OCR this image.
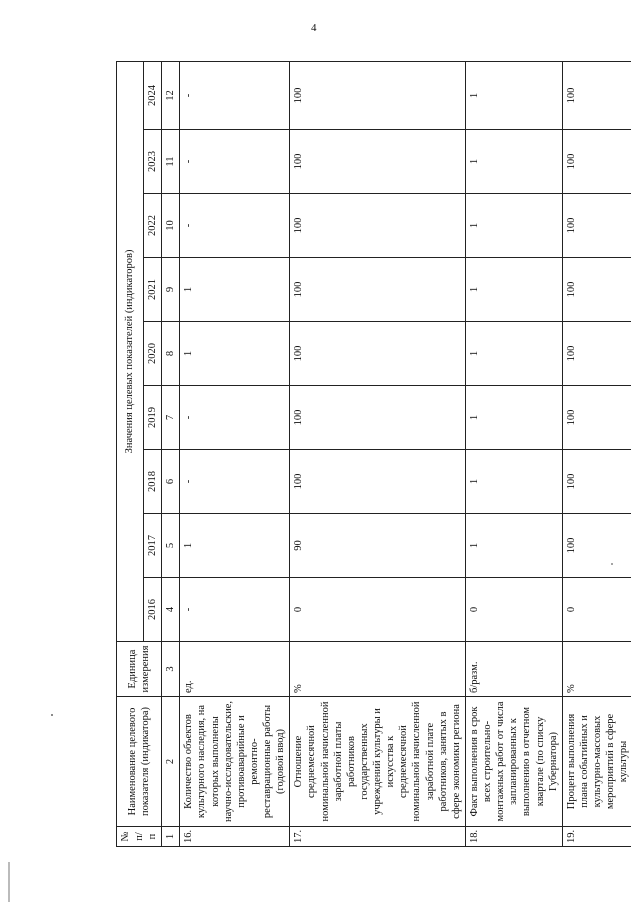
4
№ п/п	Наименование целевого показателя (индикатора)	Единица измерения	Значения целевых показателей (индикаторов)								
			2016	2017	2018	2019	2020	2021	2022	2023	2024
1	2	3	4	5	6	7	8	9	10	11	12
16.	Количество объектов культурного наследия, на которых выполнены научно-исследовательские, противоаварийные и ремонтно-реставрационные работы (годовой ввод)	ед.	-	1	-	-	1	1	-	-	-
17.	Отношение среднемесячной номинальной начисленной заработной платы работников государственных учреждений культуры и искусства к среднемесячной номинальной начисленной заработной плате работников, занятых в сфере экономики региона	%	0	90	100	100	100	100	100	100	100
18.	Факт выполнения в срок всех строительно-монтажных работ от числа запланированных к выполнению в отчетном квартале (по списку Губернатора)	б/разм.	0	1	1	1	1	1	1	1	1
19.	Процент выполнения плана событийных и культурно-массовых мероприятий в сфере культуры	%	0	100	100	100	100	100	100	100	100
